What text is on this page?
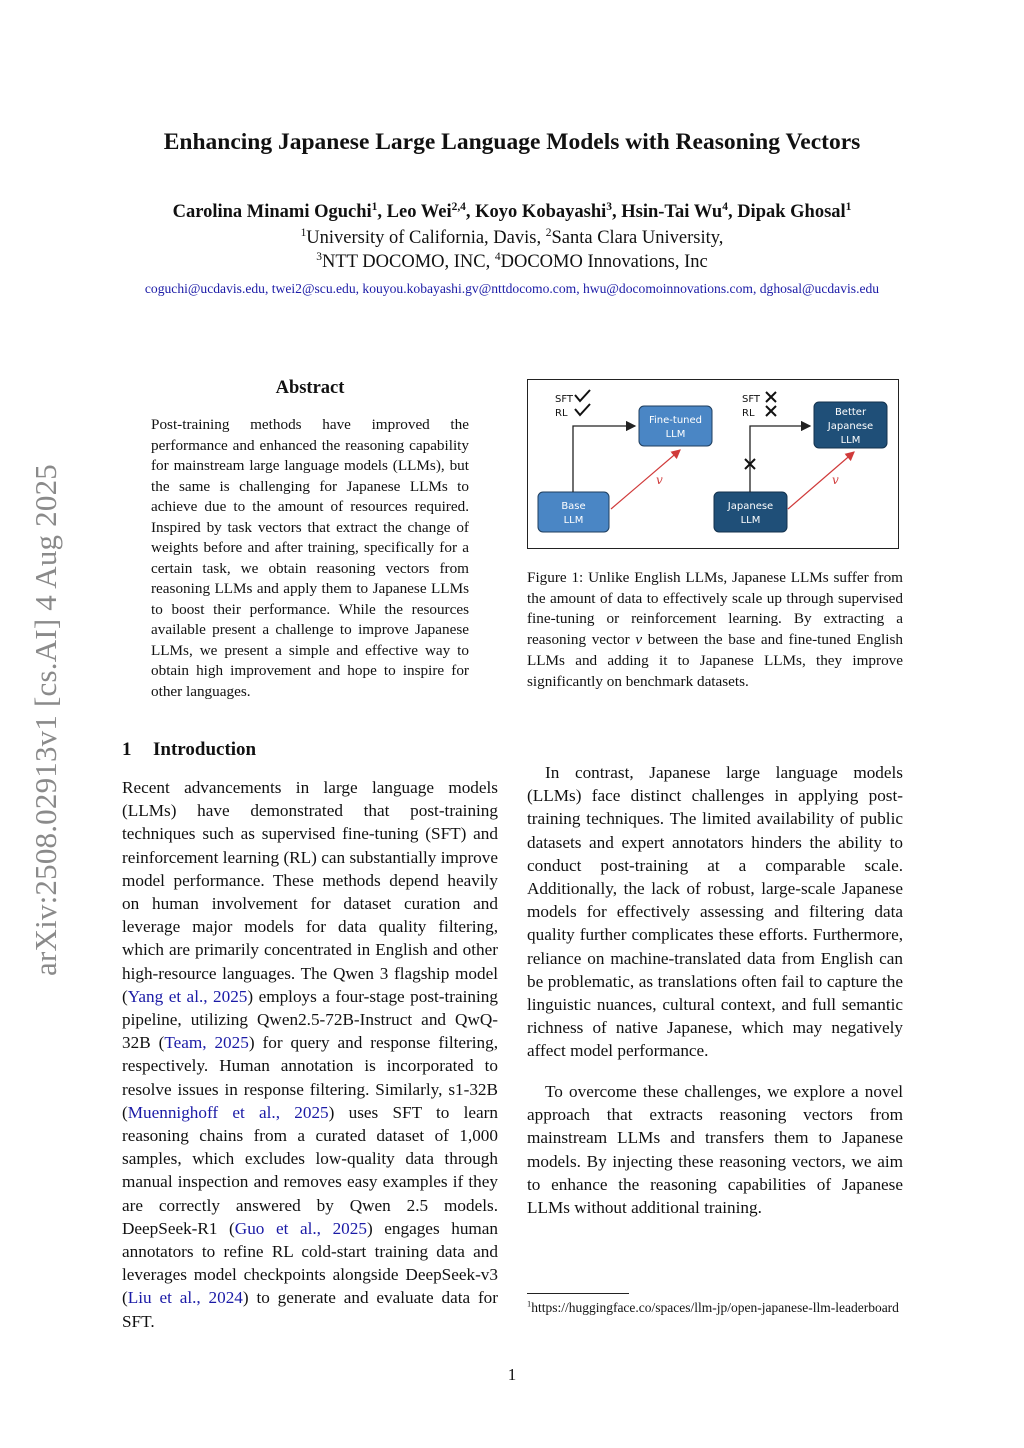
arXiv:2508.02913v1 [cs.AI] 4 Aug 2025
Enhancing Japanese Large Language Models with Reasoning Vectors
Carolina Minami Oguchi$^1$, Leo Wei$^{2,4}$, Koyo Kobayashi$^3$, Hsin-Tai Wu$^4$, Dipak Ghosal$^1$
$^1$University of California, Davis, $^2$Santa Clara University,
$^3$NTT DOCOMO, INC, $^4$DOCOMO Innovations, Inc
coguchi@ucdavis.edu, twei2@scu.edu, kouyou.kobayashi.gv@nttdocomo.com, hwu@docomoinnovations.com, dghosal@ucdavis.edu
Abstract
Post-training methods have improved the performance and enhanced the reasoning capability for mainstream large language models (LLMs), but the same is challenging for Japanese LLMs to achieve due to the amount of resources required. Inspired by task vectors that extract the change of weights before and after training, specifically for a certain task, we obtain reasoning vectors from reasoning LLMs and apply them to Japanese LLMs to boost their performance. While the resources available present a challenge to improve Japanese LLMs, we present a simple and effective way to obtain high improvement and hope to inspire for other languages.
SFT
RL
Base
LLM
Fine-tuned
LLM
v
SFT
RL
Japanese
LLM
Better
Japanese
LLM
v
Figure 1: Unlike English LLMs, Japanese LLMs suffer from the amount of data to effectively scale up through supervised fine-tuning or reinforcement learning. By extracting a reasoning vector v between the base and fine-tuned English LLMs and adding it to Japanese LLMs, they improve significantly on benchmark datasets.
1 Introduction
Recent advancements in large language models (LLMs) have demonstrated that post-training techniques such as supervised fine-tuning (SFT) and reinforcement learning (RL) can substantially improve model performance. These methods depend heavily on human involvement for dataset curation and leverage major models for data quality filtering, which are primarily concentrated in English and other high-resource languages. The Qwen 3 flagship model (Yang et al., 2025) employs a four-stage post-training pipeline, utilizing Qwen2.5-72B-Instruct and QwQ-32B (Team, 2025) for query and response filtering, respectively. Human annotation is incorporated to resolve issues in response filtering. Similarly, s1-32B (Muennighoff et al., 2025) uses SFT to learn reasoning chains from a curated dataset of 1,000 samples, which excludes low-quality data through manual inspection and removes easy examples if they are correctly answered by Qwen 2.5 models. DeepSeek-R1 (Guo et al., 2025) engages human annotators to refine RL cold-start training data and leverages model checkpoints alongside DeepSeek-v3 (Liu et al., 2024) to generate and evaluate data for SFT.
In contrast, Japanese large language models (LLMs) face distinct challenges in applying post-training techniques. The limited availability of public datasets and expert annotators hinders the ability to conduct post-training at a comparable scale. Additionally, the lack of robust, large-scale Japanese models for effectively assessing and filtering data quality further complicates these efforts. Furthermore, reliance on machine-translated data from English can be problematic, as translations often fail to capture the linguistic nuances, cultural context, and full semantic richness of native Japanese, which may negatively affect model performance.
To overcome these challenges, we explore a novel approach that extracts reasoning vectors from mainstream LLMs and transfers them to Japanese models. By injecting these reasoning vectors, we aim to enhance the reasoning capabilities of Japanese LLMs without additional training.
$^1$https://huggingface.co/spaces/llm-jp/open-japanese-llm-leaderboard
1
